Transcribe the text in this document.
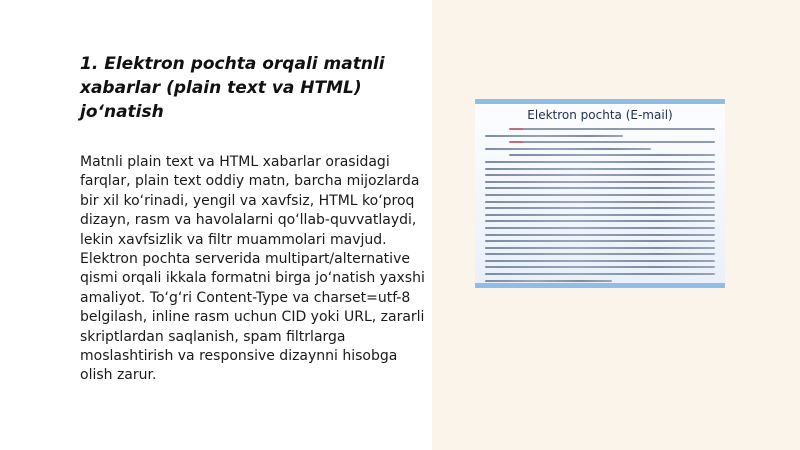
1. Elektron pochta orqali matnli xabarlar (plain text va HTML) jo‘natish

Matnli plain text va HTML xabarlar orasidagi farqlar, plain text oddiy matn, barcha mijozlarda bir xil ko‘rinadi, yengil va xavfsiz, HTML ko‘proq dizayn, rasm va havolalarni qo‘llab-quvvatlaydi, lekin xavfsizlik va filtr muammolari mavjud. Elektron pochta serverida multipart/alternative qismi orqali ikkala formatni birga jo‘natish yaxshi amaliyot. To‘g‘ri Content-Type va charset=utf-8 belgilash, inline rasm uchun CID yoki URL, zararli skriptlardan saqlanish, spam filtrlarga moslashtirish va responsive dizaynni hisobga olish zarur.

Elektron pochta (E-mail)
